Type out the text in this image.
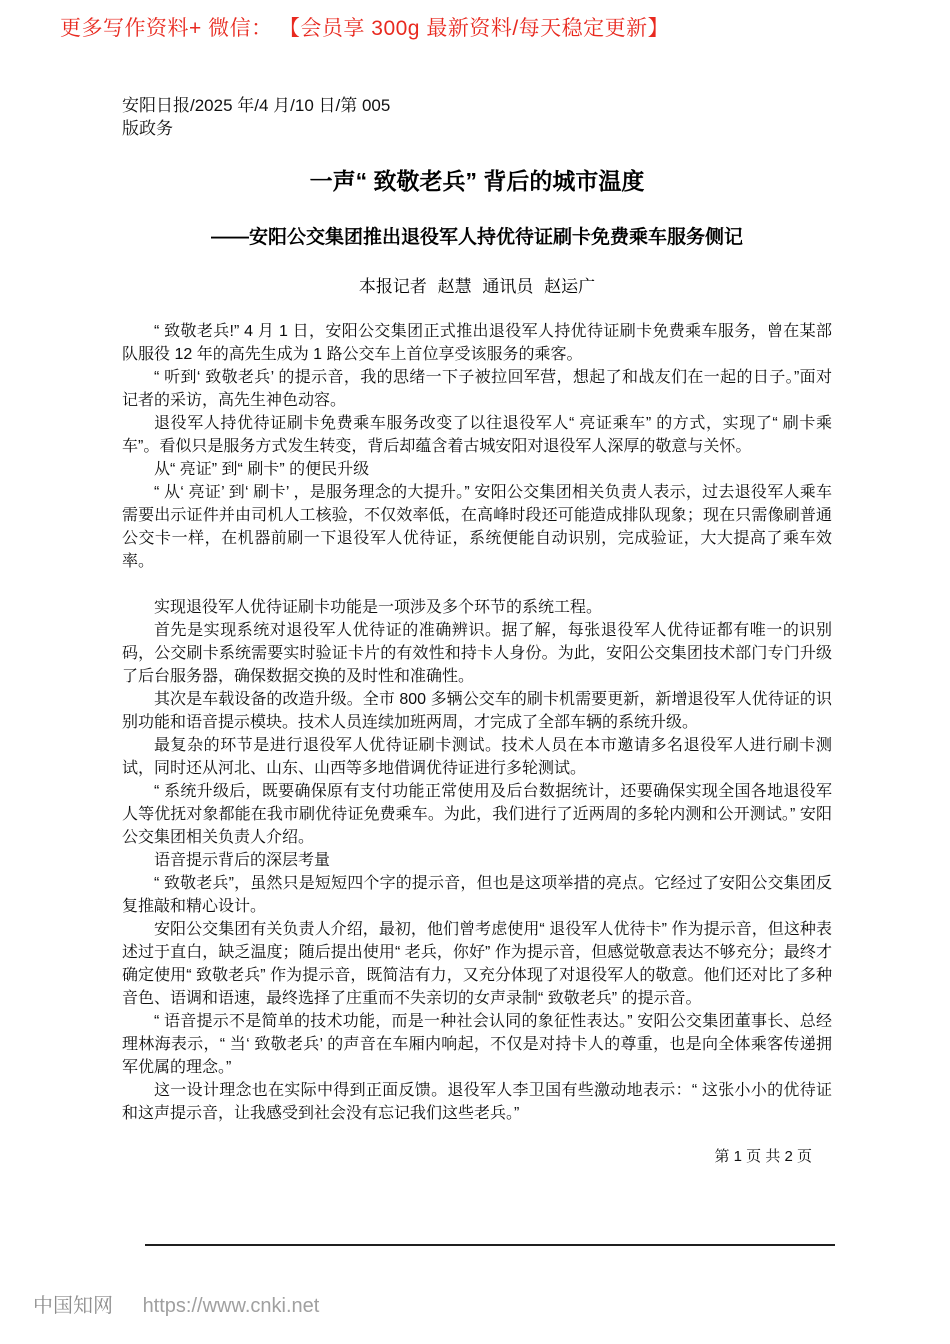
更多写作资料+ 微信： 【会员享 300g 最新资料/每天稳定更新】
安阳日报/2025 年/4 月/10 日/第 005
版政务
一声“ 致敬老兵” 背后的城市温度
——安阳公交集团推出退役军人持优待证刷卡免费乘车服务侧记
本报记者 赵慧 通讯员 赵运广

“ 致敬老兵!” 4 月 1 日，安阳公交集团正式推出退役军人持优待证刷卡免费乘车服务，曾在某部队服役 12 年的高先生成为 1 路公交车上首位享受该服务的乘客。

“ 听到‘ 致敬老兵’ 的提示音，我的思绪一下子被拉回军营，想起了和战友们在一起的日子。”面对记者的采访，高先生神色动容。

退役军人持优待证刷卡免费乘车服务改变了以往退役军人“ 亮证乘车” 的方式，实现了“ 刷卡乘车”。看似只是服务方式发生转变，背后却蕴含着古城安阳对退役军人深厚的敬意与关怀。

从“ 亮证” 到“ 刷卡” 的便民升级

“ 从‘ 亮证’ 到‘ 刷卡’ ，是服务理念的大提升。” 安阳公交集团相关负责人表示，过去退役军人乘车需要出示证件并由司机人工核验，不仅效率低，在高峰时段还可能造成排队现象；现在只需像刷普通公交卡一样，在机器前刷一下退役军人优待证，系统便能自动识别，完成验证，大大提高了乘车效率。

实现退役军人优待证刷卡功能是一项涉及多个环节的系统工程。

首先是实现系统对退役军人优待证的准确辨识。据了解，每张退役军人优待证都有唯一的识别码，公交刷卡系统需要实时验证卡片的有效性和持卡人身份。为此，安阳公交集团技术部门专门升级了后台服务器，确保数据交换的及时性和准确性。

其次是车载设备的改造升级。全市 800 多辆公交车的刷卡机需要更新，新增退役军人优待证的识别功能和语音提示模块。技术人员连续加班两周，才完成了全部车辆的系统升级。

最复杂的环节是进行退役军人优待证刷卡测试。技术人员在本市邀请多名退役军人进行刷卡测试，同时还从河北、山东、山西等多地借调优待证进行多轮测试。

“ 系统升级后，既要确保原有支付功能正常使用及后台数据统计，还要确保实现全国各地退役军人等优抚对象都能在我市刷优待证免费乘车。为此，我们进行了近两周的多轮内测和公开测试。” 安阳公交集团相关负责人介绍。

语音提示背后的深层考量

“ 致敬老兵”，虽然只是短短四个字的提示音，但也是这项举措的亮点。它经过了安阳公交集团反复推敲和精心设计。

安阳公交集团有关负责人介绍，最初，他们曾考虑使用“ 退役军人优待卡” 作为提示音，但这种表述过于直白，缺乏温度；随后提出使用“ 老兵，你好” 作为提示音，但感觉敬意表达不够充分；最终才确定使用“ 致敬老兵” 作为提示音，既简洁有力，又充分体现了对退役军人的敬意。他们还对比了多种音色、语调和语速，最终选择了庄重而不失亲切的女声录制“ 致敬老兵” 的提示音。

“ 语音提示不是简单的技术功能，而是一种社会认同的象征性表达。” 安阳公交集团董事长、总经理林海表示，“ 当‘ 致敬老兵’ 的声音在车厢内响起，不仅是对持卡人的尊重，也是向全体乘客传递拥军优属的理念。”

这一设计理念也在实际中得到正面反馈。退役军人李卫国有些激动地表示：“ 这张小小的优待证和这声提示音，让我感受到社会没有忘记我们这些老兵。”

第 1 页 共 2 页
中国知网 https://www.cnki.net
